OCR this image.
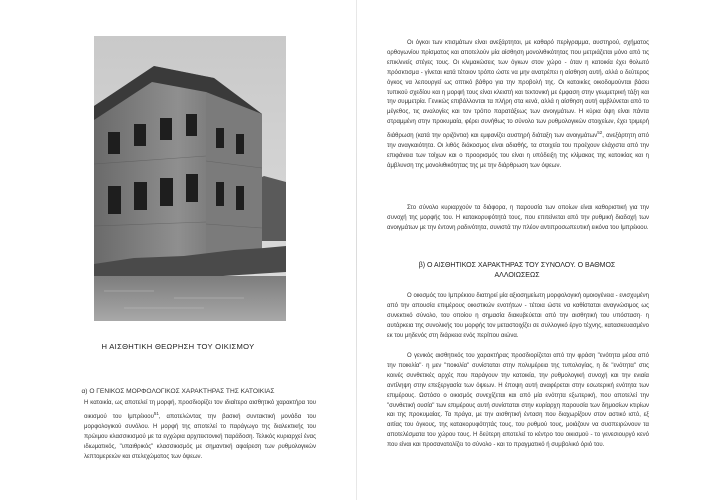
Η ΑΙΣΘΗΤΙΚΗ ΘΕΩΡΗΣΗ ΤΟΥ ΟΙΚΙΣΜΟΥ
α) Ο ΓΕΝΙΚΟΣ ΜΟΡΦΟΛΟΓΙΚΟΣ ΧΑΡΑΚΤΗΡΑΣ ΤΗΣ ΚΑΤΟΙΚΙΑΣ

Η κατοικία, ως αποτελεί τη μορφή, προσδιορίζει τον ιδιαίτερο αισθητικό χαρακτήρα του οικισμού του Ιμπρέκιου$^{51}$, αποτελώντας την βασική συντακτική μονάδα του μορφολογικού συνόλου. Η μορφή της αποτελεί το παράγωγο της διαλεκτικής του πρώιμου κλασσικισμού με τα εγχώρια αρχιτεκτονική παράδοση. Τελικός κυριαρχεί ένας ιδιωματικός, "υπαιθρικός" κλασσικισμός με σημαντική αφαίρεση των ρυθμολογικών λεπτομερειών και στελεχώματος των όψεων.

Οι όγκοι των κτισμάτων είναι ανεξάρτητοι, με καθαρό περίγραμμα, αυστηρού, σχήματος ορθογωνίου πρίσματος και αποτελούν μία αίσθηση μονολιθικότητας που μετριάζεται μόνο από τις επικλινείς στέγες τους. Οι κλιμακώσεις των όγκων στον χώρο - όταν η κατοικία έχει θολωτό πρόσκτισμα - γίνεται κατά τέτοιον τρόπο ώστε να μην ανατρέπει η αίσθηση αυτή, αλλά ο δεύτερος όγκος να λειτουργεί ως οπτικό βάθρο για την προβολή της. Οι κατοικίες οικοδομούνται βάσει τυπικού σχεδίου και η μορφή τους είναι κλειστή και τεκτονική με έμφαση στην γεωμετρική τάξη και την συμμετρία. Γενικώς επιβάλλονται τα πλήρη στα κενά, αλλά η αίσθηση αυτή αμβλύνεται από το μέγεθος, τις αναλογίες και τον τρόπο παρατάξεως των ανοιγμάτων. Η κύρια όψη είναι πάντα στραμμένη στην προκυμαία, φέρει συνήθως το σύνολο των ρυθμολογικών στοιχείων, έχει τριμερή διάθρωση (κατά την οριζόντια) και εμφανίζει αυστηρή διάταξη των ανοιγμάτων$^{52}$, ανεξάρτητη από την αναγκαιότητα. Οι λιθός διάκοσμος είναι αδιαθής, τα στοιχεία του προέχουν ελάχιστα από την επιφάνεια των τοίχων και ο προορισμός του είναι η υπόδειξη της κλίμακας της κατοικίας και η άμβλυνση της μονολιθικότητας της με την διάρθρωση των όψεων.

Στο σύνολο κυριαρχούν τα διάφορα, η παρουσία των οποίων είναι καθοριστική για την συνοχή της μορφής του. Η κατακορυφότητά τους, που επιτείνεται από την ρυθμική διαδοχή των ανοιγμάτων με την έντονη ραδινότητα, συνιστά την πλέον αντιπροσωπευτική εικόνα του Ιμπρέκιου.

β) Ο ΑΙΣΘΗΤΙΚΟΣ ΧΑΡΑΚΤΗΡΑΣ ΤΟΥ ΣΥΝΟΛΟΥ. Ο ΒΑΘΜΟΣ ΑΛΛΟΙΩΣΕΩΣ

Ο οικισμός του Ιμπρέκιου διατηρεί μία αξιοσημείωτη μορφολογική ομοιογένεια - ενισχυμένη από την απουσία επιμέρους οικιστικών ενοτήτων - τέτοια ώστε να καθίσταται αναγνώσιμος ως συνεκτικό σύνολο, του οποίου η σημασία διακυβεύεται από την αισθητική του υπόσταση· η αυτάρκεια της συνολικής του μορφής τον μεταστοιχίζει σε συλλογικό έργο τέχνης, κατασκευασμένο εκ του μηδενός στη διάρκεια ενός περίπου αιώνα.

Ο γενικός αισθητικός του χαρακτήρας προσδιορίζεται από την φράση "ενότητα μέσα από την ποικιλία"· η μεν "ποικιλία" συνίσταται στην πολυμέρεια της τυπολογίας, η δε "ενότητα" στις κοινές συνθετικές αρχές που παράγουν την κατοικία, την ρυθμολογική συνοχή και την ενιαία αντίληψη στην επεξεργασία των όψεων. Η έποψη αυτή αναφέρεται στην εσωτερική ενότητα των επιμέρους. Ωστόσο ο οικισμός συνεχίζεται και από μία ενότητα εξωτερική, που αποτελεί την "συνθετική ουσία" των επιμέρους αυτή συνίσταται στην κυρίαρχη παρουσία των δημοσίων κτιρίων και της προκυμαίας. Τα πράγα, με την αισθητική ένταση που διαχωρίζουν στον αστικό ιστό, εξ αιτίας του όγκους, της κατακορυφότητάς τους, του ρυθμού τους, μοιάζουν να συσπειρώνουν τα αποτελέσματα του χώρου τους. Η δεύτερη αποτελεί το κέντρο του οικισμού - το γενεσιουργό κενό που είναι και προσανατολίζει το σύνολο - και το πραγματικό ή συμβολικό όριό του.
